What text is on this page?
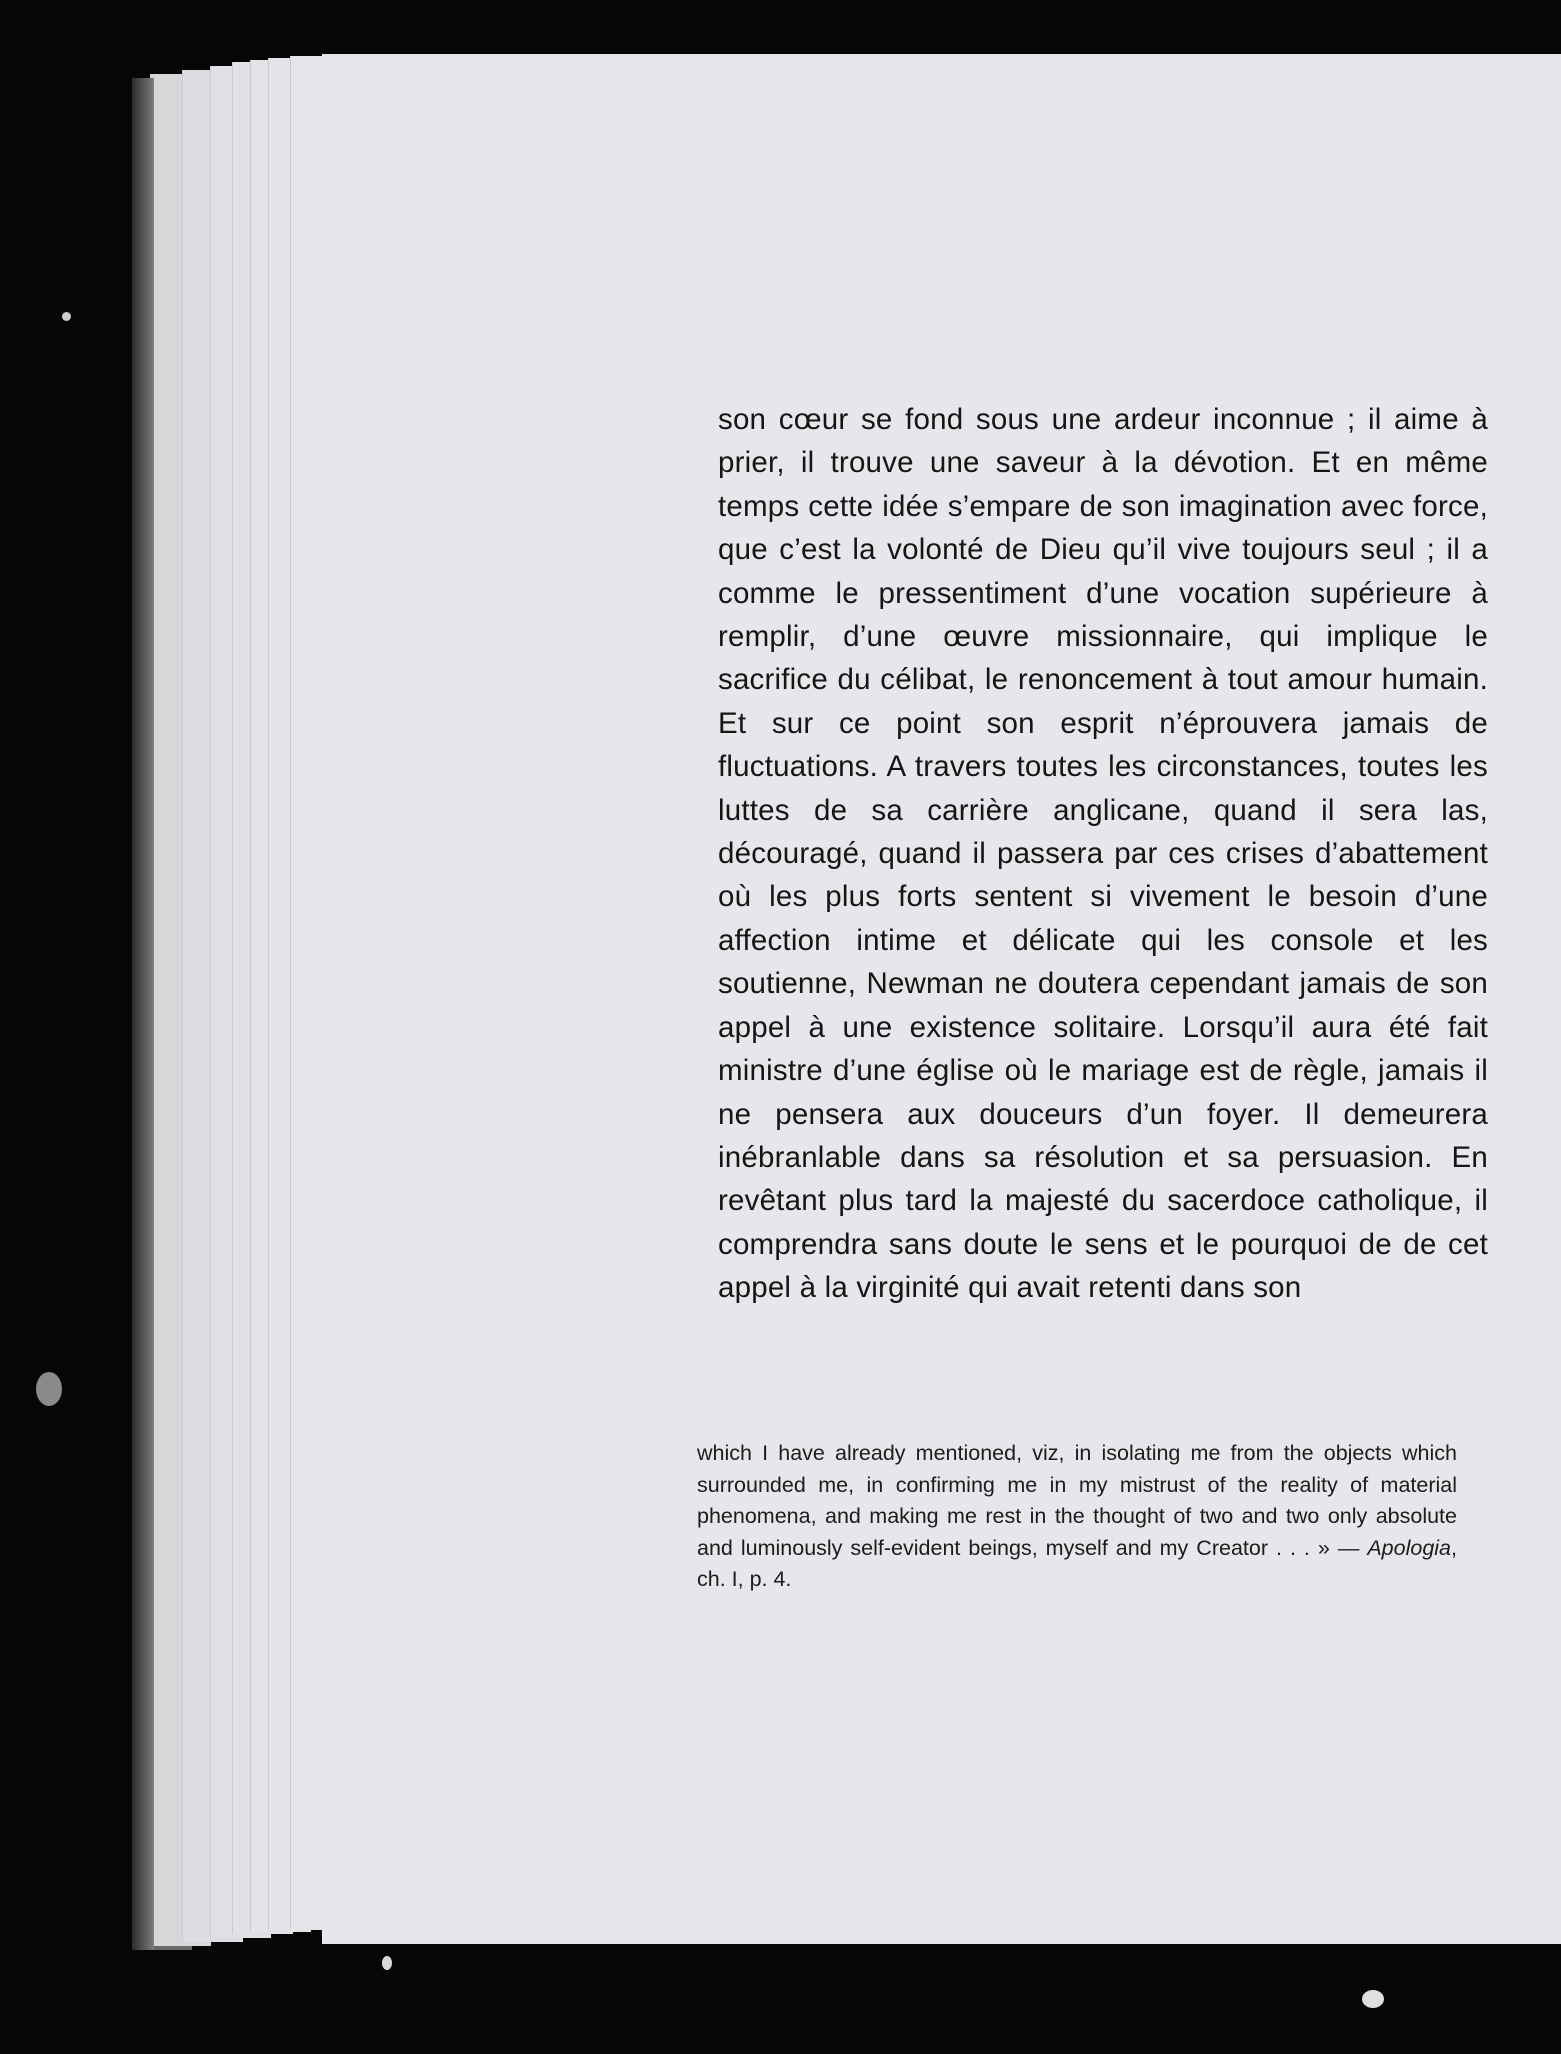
son cœur se fond sous une ardeur inconnue ; il aime à prier, il trouve une saveur à la dévotion. Et en même temps cette idée s’empare de son imagination avec force, que c’est la volonté de Dieu qu’il vive toujours seul ; il a comme le pressentiment d’une vocation supérieure à remplir, d’une œuvre missionnaire, qui implique le sacrifice du célibat, le renoncement à tout amour humain. Et sur ce point son esprit n’éprouvera jamais de fluctuations. A travers toutes les circonstances, toutes les luttes de sa carrière anglicane, quand il sera las, découragé, quand il passera par ces crises d’abattement où les plus forts sentent si vivement le besoin d’une affection intime et délicate qui les console et les soutienne, Newman ne doutera cependant jamais de son appel à une existence solitaire. Lorsqu’il aura été fait ministre d’une église où le mariage est de règle, jamais il ne pensera aux douceurs d’un foyer. Il demeurera inébranlable dans sa résolution et sa persuasion. En revêtant plus tard la majesté du sacerdoce catholique, il comprendra sans doute le sens et le pourquoi de de cet appel à la virginité qui avait retenti dans son

which I have already mentioned, viz, in isolating me from the objects which surrounded me, in confirming me in my mistrust of the reality of material phenomena, and making me rest in the thought of two and two only absolute and luminously self-evident beings, myself and my Creator . . . » — Apologia, ch. I, p. 4.
